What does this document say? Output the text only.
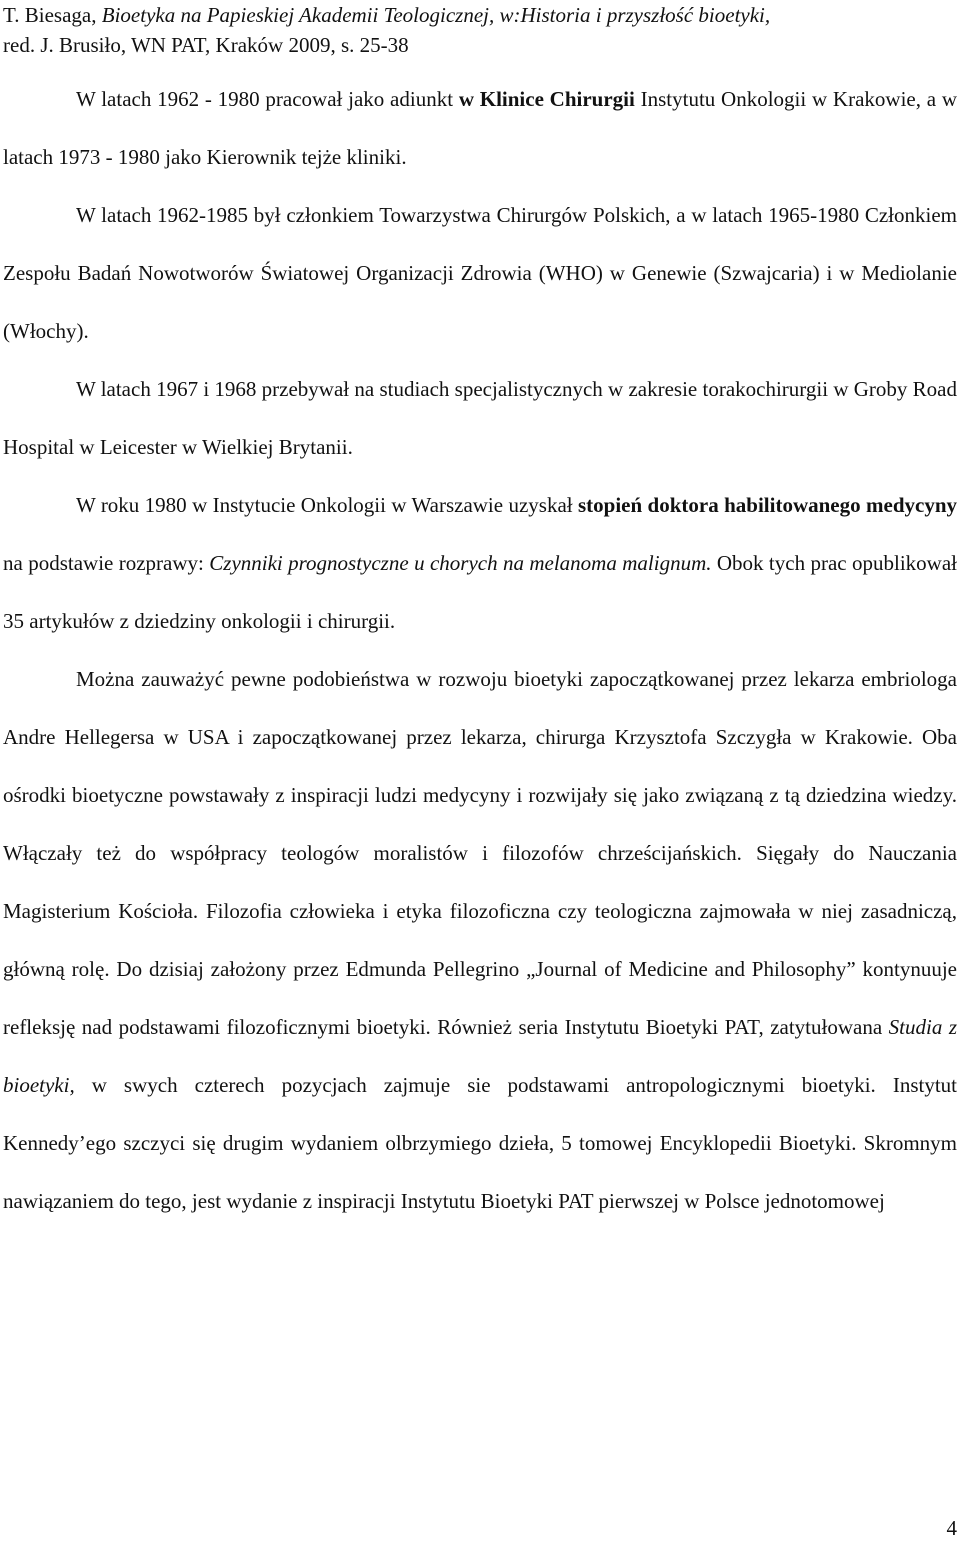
T. Biesaga, Bioetyka na Papieskiej Akademii Teologicznej, w:Historia i przyszłość bioetyki,
red. J. Brusiło, WN PAT, Kraków 2009, s. 25-38

W latach 1962 - 1980 pracował jako adiunkt w Klinice Chirurgii Instytutu Onkologii w Krakowie, a w latach 1973 - 1980 jako Kierownik tejże kliniki.

W latach 1962-1985 był członkiem Towarzystwa Chirurgów Polskich, a w latach 1965-1980 Członkiem Zespołu Badań Nowotworów Światowej Organizacji Zdrowia (WHO) w Genewie (Szwajcaria) i w Mediolanie (Włochy).

W latach 1967 i 1968 przebywał na studiach specjalistycznych w zakresie torakochirurgii w Groby Road Hospital w Leicester w Wielkiej Brytanii.

W roku 1980 w Instytucie Onkologii w Warszawie uzyskał stopień doktora habilitowanego medycyny na podstawie rozprawy: Czynniki prognostyczne u chorych na melanoma malignum. Obok tych prac opublikował 35 artykułów z dziedziny onkologii i chirurgii.

Można zauważyć pewne podobieństwa w rozwoju bioetyki zapoczątkowanej przez lekarza embriologa Andre Hellegersa w USA i zapoczątkowanej przez lekarza, chirurga Krzysztofa Szczygła w Krakowie. Oba ośrodki bioetyczne powstawały z inspiracji ludzi medycyny i rozwijały się jako związaną z tą dziedzina wiedzy. Włączały też do współpracy teologów moralistów i filozofów chrześcijańskich. Sięgały do Nauczania Magisterium Kościoła. Filozofia człowieka i etyka filozoficzna czy teologiczna zajmowała w niej zasadniczą, główną rolę. Do dzisiaj założony przez Edmunda Pellegrino „Journal of Medicine and Philosophy” kontynuuje refleksję nad podstawami filozoficznymi bioetyki. Również seria Instytutu Bioetyki PAT, zatytułowana Studia z bioetyki, w swych czterech pozycjach zajmuje sie podstawami antropologicznymi bioetyki. Instytut Kennedy’ego szczyci się drugim wydaniem olbrzymiego dzieła, 5 tomowej Encyklopedii Bioetyki. Skromnym nawiązaniem do tego, jest wydanie z inspiracji Instytutu Bioetyki PAT pierwszej w Polsce jednotomowej

4
